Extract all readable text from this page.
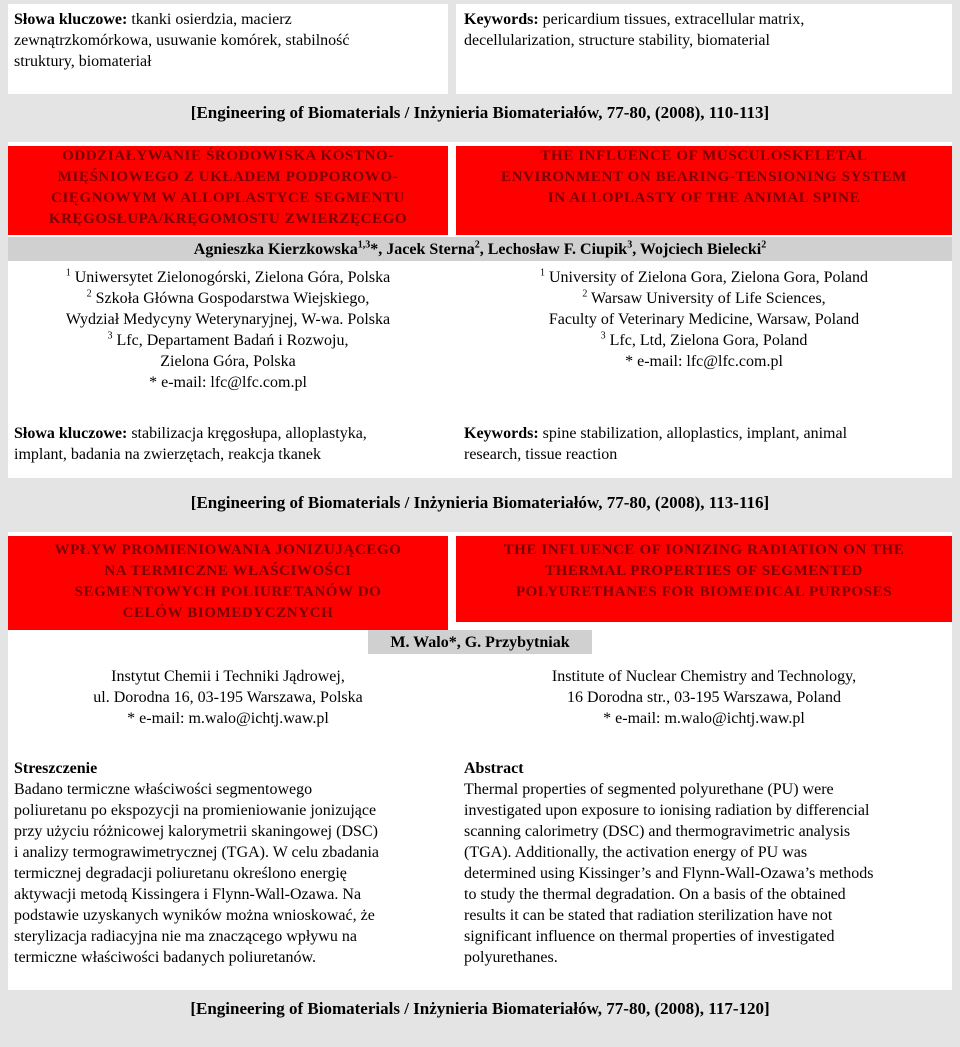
Słowa kluczowe: tkanki osierdzia, macierz
zewnątrzkomórkowa, usuwanie komórek, stabilność
struktury, biomateriał
Keywords: pericardium tissues, extracellular matrix,
decellularization, structure stability, biomaterial
[Engineering of Biomaterials / Inżynieria Biomateriałów, 77-80, (2008), 110-113]
ODDZIAŁYWANIE ŚRODOWISKA KOSTNO-
MIĘŚNIOWEGO Z UKŁADEM PODPOROWO-
CIĘGNOWYM W ALLOPLASTYCE SEGMENTU
KRĘGOSŁUPA/KRĘGOMOSTU ZWIERZĘCEGO
THE INFLUENCE OF MUSCULOSKELETAL
ENVIRONMENT ON BEARING-TENSIONING SYSTEM
IN ALLOPLASTY OF THE ANIMAL SPINE
Agnieszka Kierzkowska$^{1,3}$*, Jacek Sterna$^2$, Lechosław F. Ciupik$^3$, Wojciech Bielecki$^2$
$^1$ Uniwersytet Zielonogórski, Zielona Góra, Polska
$^2$ Szkoła Główna Gospodarstwa Wiejskiego,
Wydział Medycyny Weterynaryjnej, W-wa. Polska
$^3$ Lfc, Departament Badań i Rozwoju,
Zielona Góra, Polska
* e-mail: lfc@lfc.com.pl
$^1$ University of Zielona Gora, Zielona Gora, Poland
$^2$ Warsaw University of Life Sciences,
Faculty of Veterinary Medicine, Warsaw, Poland
$^3$ Lfc, Ltd, Zielona Gora, Poland
* e-mail: lfc@lfc.com.pl
Słowa kluczowe: stabilizacja kręgosłupa, alloplastyka,
implant, badania na zwierzętach, reakcja tkanek
Keywords: spine stabilization, alloplastics, implant, animal
research, tissue reaction
[Engineering of Biomaterials / Inżynieria Biomateriałów, 77-80, (2008), 113-116]
WPŁYW PROMIENIOWANIA JONIZUJĄCEGO
NA TERMICZNE WŁAŚCIWOŚCI
SEGMENTOWYCH POLIURETANÓW DO
CELÓW BIOMEDYCZNYCH
THE INFLUENCE OF IONIZING RADIATION ON THE
THERMAL PROPERTIES OF SEGMENTED
POLYURETHANES FOR BIOMEDICAL PURPOSES
M. Walo*, G. Przybytniak
Instytut Chemii i Techniki Jądrowej,
ul. Dorodna 16, 03-195 Warszawa, Polska
* e-mail: m.walo@ichtj.waw.pl
Institute of Nuclear Chemistry and Technology,
16 Dorodna str., 03-195 Warszawa, Poland
* e-mail: m.walo@ichtj.waw.pl
Streszczenie
Badano termiczne właściwości segmentowego
poliuretanu po ekspozycji na promieniowanie jonizujące
przy użyciu różnicowej kalorymetrii skaningowej (DSC)
i analizy termograwimetrycznej (TGA). W celu zbadania
termicznej degradacji poliuretanu określono energię
aktywacji metodą Kissingera i Flynn-Wall-Ozawa. Na
podstawie uzyskanych wyników można wnioskować, że
sterylizacja radiacyjna nie ma znaczącego wpływu na
termiczne właściwości badanych poliuretanów.
Abstract
Thermal properties of segmented polyurethane (PU) were
investigated upon exposure to ionising radiation by differencial
scanning calorimetry (DSC) and thermogravimetric analysis
(TGA). Additionally, the activation energy of PU was
determined using Kissinger’s and Flynn-Wall-Ozawa’s methods
to study the thermal degradation. On a basis of the obtained
results it can be stated that radiation sterilization have not
significant influence on thermal properties of investigated
polyurethanes.
[Engineering of Biomaterials / Inżynieria Biomateriałów, 77-80, (2008), 117-120]
